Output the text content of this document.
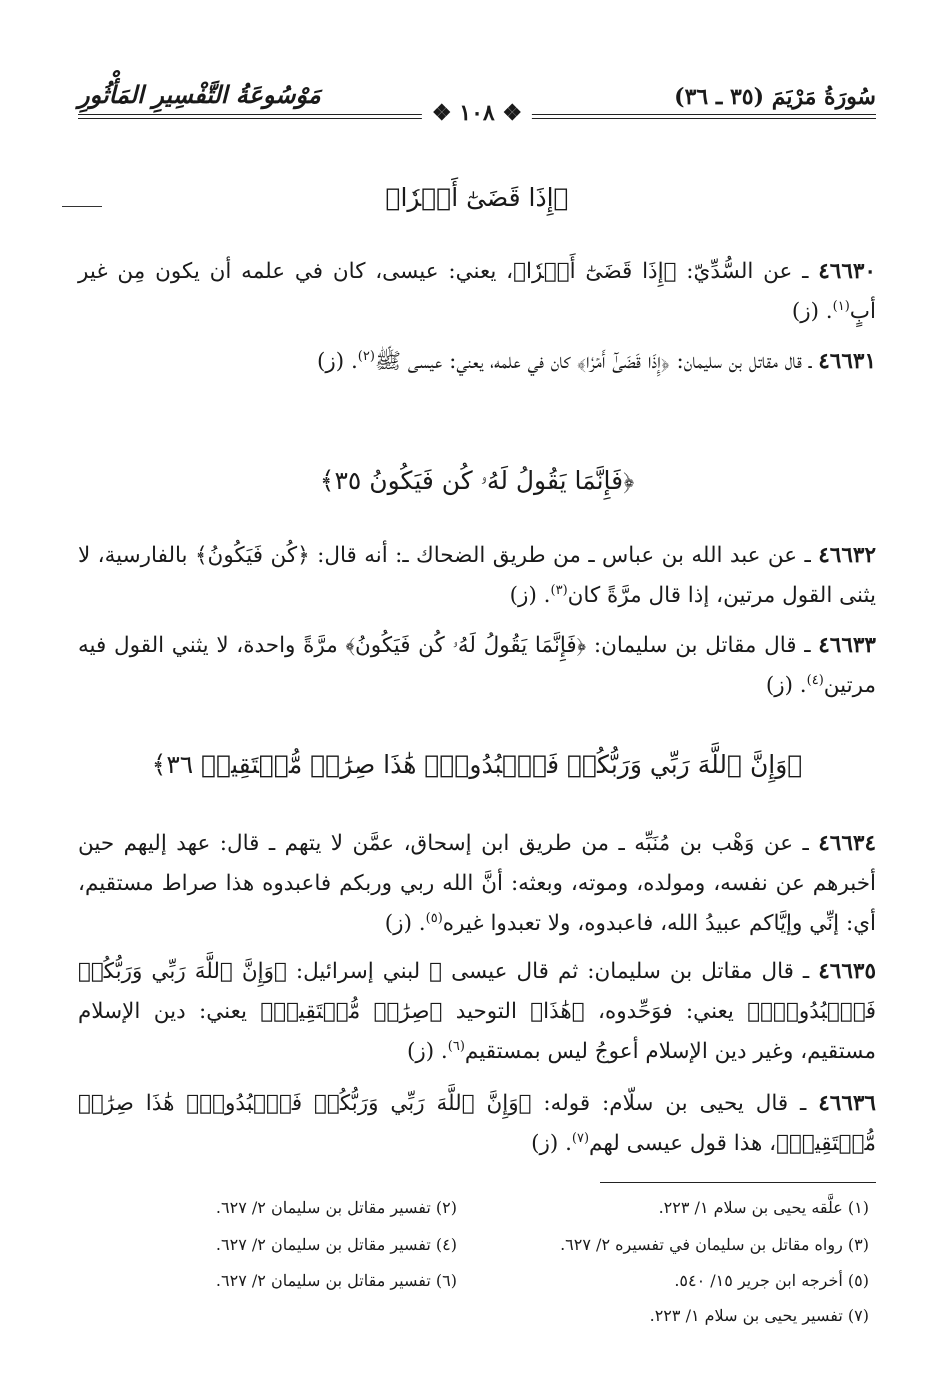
سُورَةُ مَرْيَمَ (٣٥ ـ ٣٦)
مَوْسُوعَةُ التَّفْسِيرِ المَأْثُورِ
❖ ١٠٨ ❖
﴿إِذَا قَضَىٰٓ أَمۡرٗا﴾
٤٦٦٣٠ ـ عن السُّدِّيّ: ﴿إِذَا قَضَىٰٓ أَمۡرٗا﴾، يعني: عيسى، كان في علمه أن يكون مِن غير أبٍ$^{(١)}$. (ز)
٤٦٦٣١ ـ قال مقاتل بن سليمان: ﴿إِذَا قَضَىٰٓ أَمۡرٗا﴾ كان في علمه، يعني: عيسى ﷺ$^{(٢)}$. (ز)
﴿فَإِنَّمَا يَقُولُ لَهُۥ كُن فَيَكُونُ ٣٥﴾
٤٦٦٣٢ ـ عن عبد الله بن عباس ـ من طريق الضحاك ـ: أنه قال: ﴿كُن فَيَكُونُ﴾ بالفارسية، لا يثنى القول مرتين، إذا قال مرَّةً كان$^{(٣)}$. (ز)
٤٦٦٣٣ ـ قال مقاتل بن سليمان: ﴿فَإِنَّمَا يَقُولُ لَهُۥ كُن فَيَكُونُ﴾ مرَّةً واحدة، لا يثني القول فيه مرتين$^{(٤)}$. (ز)
﴿وَإِنَّ ٱللَّهَ رَبِّي وَرَبُّكُمۡ فَٱعۡبُدُوهُۚ هَٰذَا صِرَٰطٞ مُّسۡتَقِيمٞ ٣٦﴾
٤٦٦٣٤ ـ عن وَهْب بن مُنَبِّه ـ من طريق ابن إسحاق، عمَّن لا يتهم ـ قال: عهد إليهم حين أخبرهم عن نفسه، ومولده، وموته، وبعثه: أنَّ الله ربي وربكم فاعبدوه هذا صراط مستقيم، أي: إنِّي وإيَّاكم عبيدُ الله، فاعبدوه، ولا تعبدوا غيره$^{(٥)}$. (ز)
٤٦٦٣٥ ـ قال مقاتل بن سليمان: ثم قال عيسى ﷺ لبني إسرائيل: ﴿وَإِنَّ ٱللَّهَ رَبِّي وَرَبُّكُمۡ فَٱعۡبُدُوهُۚ﴾ يعني: فوَحِّدوه، ﴿هَٰذَا﴾ التوحيد ﴿صِرَٰطٞ مُّسۡتَقِيمٞ﴾ يعني: دين الإسلام مستقيم، وغير دين الإسلام أعوجُ ليس بمستقيم$^{(٦)}$. (ز)
٤٦٦٣٦ ـ قال يحيى بن سلّام: قوله: ﴿وَإِنَّ ٱللَّهَ رَبِّي وَرَبُّكُمۡ فَٱعۡبُدُوهُۚ هَٰذَا صِرَٰطٞ مُّسۡتَقِيمٞ﴾، هذا قول عيسى لهم$^{(٧)}$. (ز)
(١) علَّقه يحيى بن سلام ١/ ٢٢٣.
(٢) تفسير مقاتل بن سليمان ٢/ ٦٢٧.
(٣) رواه مقاتل بن سليمان في تفسيره ٢/ ٦٢٧.
(٤) تفسير مقاتل بن سليمان ٢/ ٦٢٧.
(٥) أخرجه ابن جرير ١٥/ ٥٤٠.
(٦) تفسير مقاتل بن سليمان ٢/ ٦٢٧.
(٧) تفسير يحيى بن سلام ١/ ٢٢٣.
